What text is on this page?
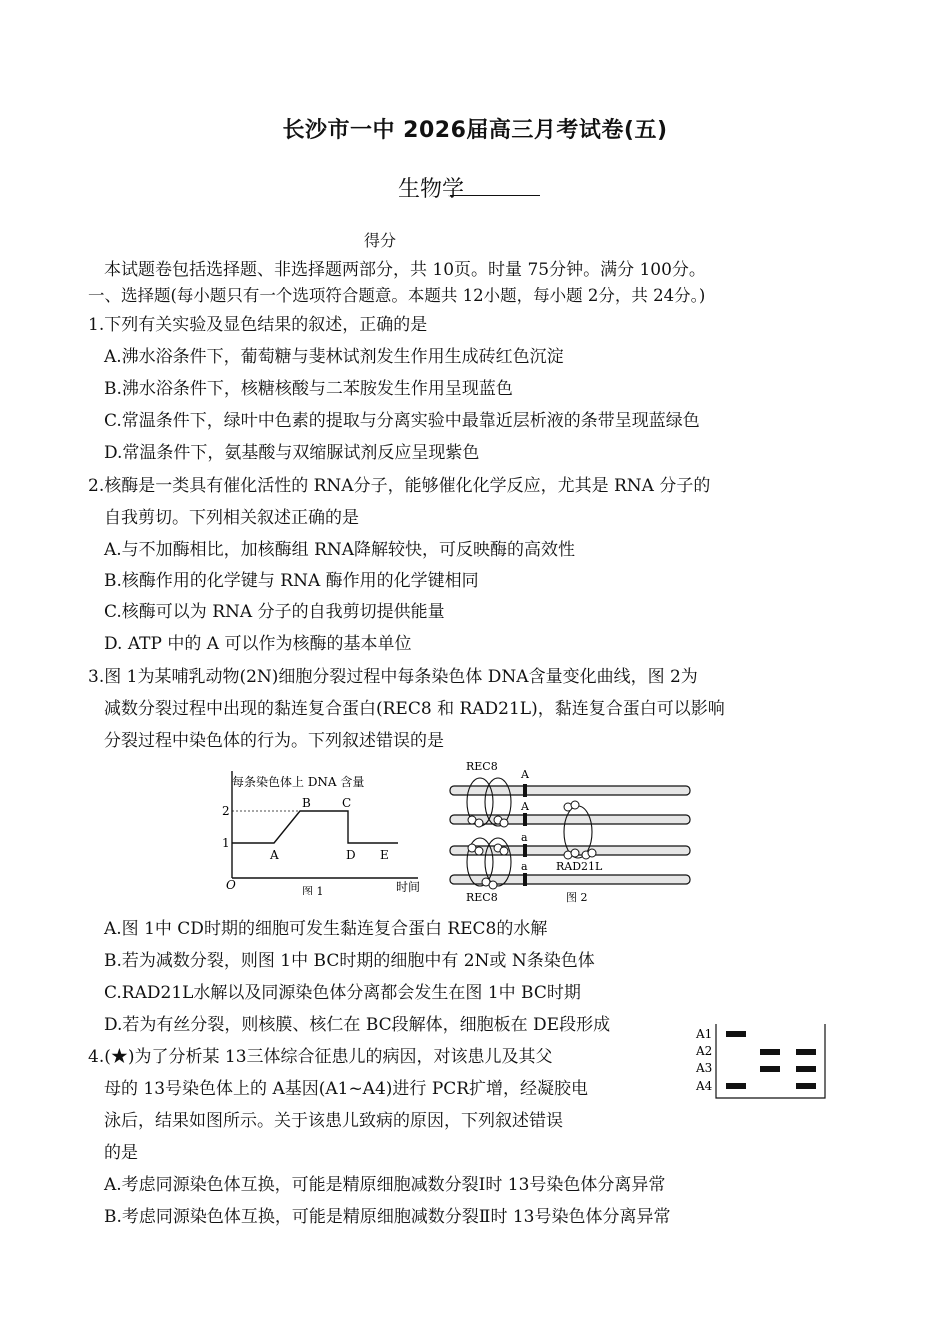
长沙市一中 2026届高三月考试卷(五)
生物学
得分
本试题卷包括选择题、非选择题两部分，共 10页。时量 75分钟。满分 100分。
一、选择题(每小题只有一个选项符合题意。本题共 12小题，每小题 2分，共 24分。)
1.下列有关实验及显色结果的叙述，正确的是
A.沸水浴条件下，葡萄糖与斐林试剂发生作用生成砖红色沉淀
B.沸水浴条件下，核糖核酸与二苯胺发生作用呈现蓝色
C.常温条件下，绿叶中色素的提取与分离实验中最靠近层析液的条带呈现蓝绿色
D.常温条件下，氨基酸与双缩脲试剂反应呈现紫色
2.核酶是一类具有催化活性的 RNA分子，能够催化化学反应，尤其是 RNA 分子的
自我剪切。下列相关叙述正确的是
A.与不加酶相比，加核酶组 RNA降解较快，可反映酶的高效性
B.核酶作用的化学键与 RNA 酶作用的化学键相同
C.核酶可以为 RNA 分子的自我剪切提供能量
D. ATP 中的 A 可以作为核酶的基本单位
3.图 1为某哺乳动物(2N)细胞分裂过程中每条染色体 DNA含量变化曲线，图 2为
减数分裂过程中出现的黏连复合蛋白(REC8 和 RAD21L)，黏连复合蛋白可以影响
分裂过程中染色体的行为。下列叙述错误的是
每条染色体上 DNA 含量
2
1
A
B	C
D E
O	时间
图 1
REC8
A
A
a
a	RAD21L
REC8	图 2
A.图 1中 CD时期的细胞可发生黏连复合蛋白 REC8的水解
B.若为减数分裂，则图 1中 BC时期的细胞中有 2N或 N条染色体
C.RAD21L水解以及同源染色体分离都会发生在图 1中 BC时期
D.若为有丝分裂，则核膜、核仁在 BC段解体，细胞板在 DE段形成	A1
A2
A3
A4
4.(★)为了分析某 13三体综合征患儿的病因，对该患儿及其父
母的 13号染色体上的 A基因(A1~A4)进行 PCR扩增，经凝胶电
泳后，结果如图所示。关于该患儿致病的原因，下列叙述错误
的是
A.考虑同源染色体互换，可能是精原细胞减数分裂Ⅰ时 13号染色体分离异常
B.考虑同源染色体互换，可能是精原细胞减数分裂Ⅱ时 13号染色体分离异常
